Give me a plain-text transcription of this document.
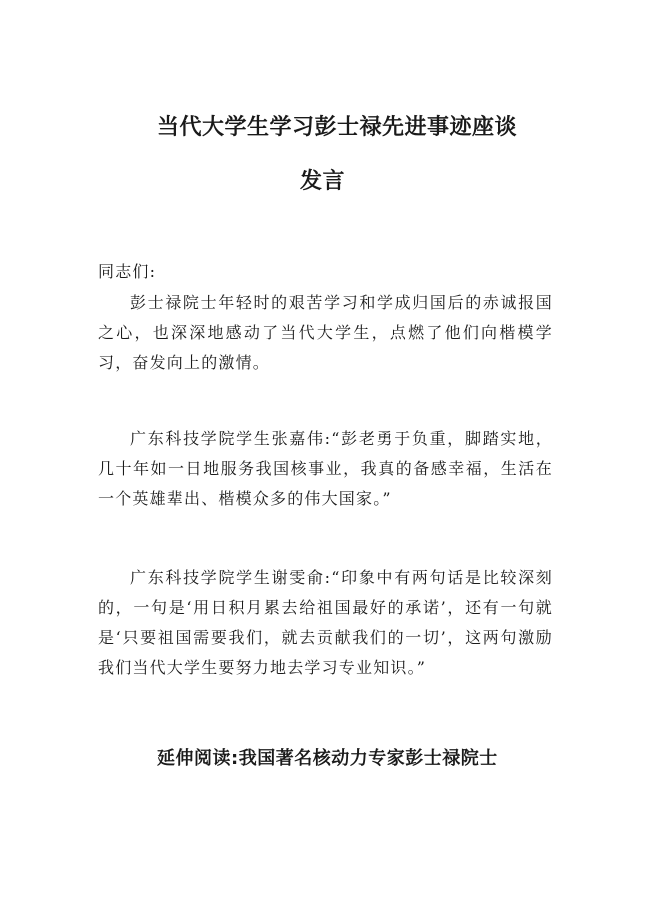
当代大学生学习彭士禄先进事迹座谈
发言
同志们:
彭士禄院士年轻时的艰苦学习和学成归国后的赤诚报国之心，也深深地感动了当代大学生，点燃了他们向楷模学习，奋发向上的激情。
广东科技学院学生张嘉伟:“彭老勇于负重，脚踏实地，几十年如一日地服务我国核事业，我真的备感幸福，生活在一个英雄辈出、楷模众多的伟大国家。”
广东科技学院学生谢雯俞:“印象中有两句话是比较深刻的，一句是‘用日积月累去给祖国最好的承诺’，还有一句就是‘只要祖国需要我们，就去贡献我们的一切’，这两句激励我们当代大学生要努力地去学习专业知识。”
延伸阅读:我国著名核动力专家彭士禄院士
